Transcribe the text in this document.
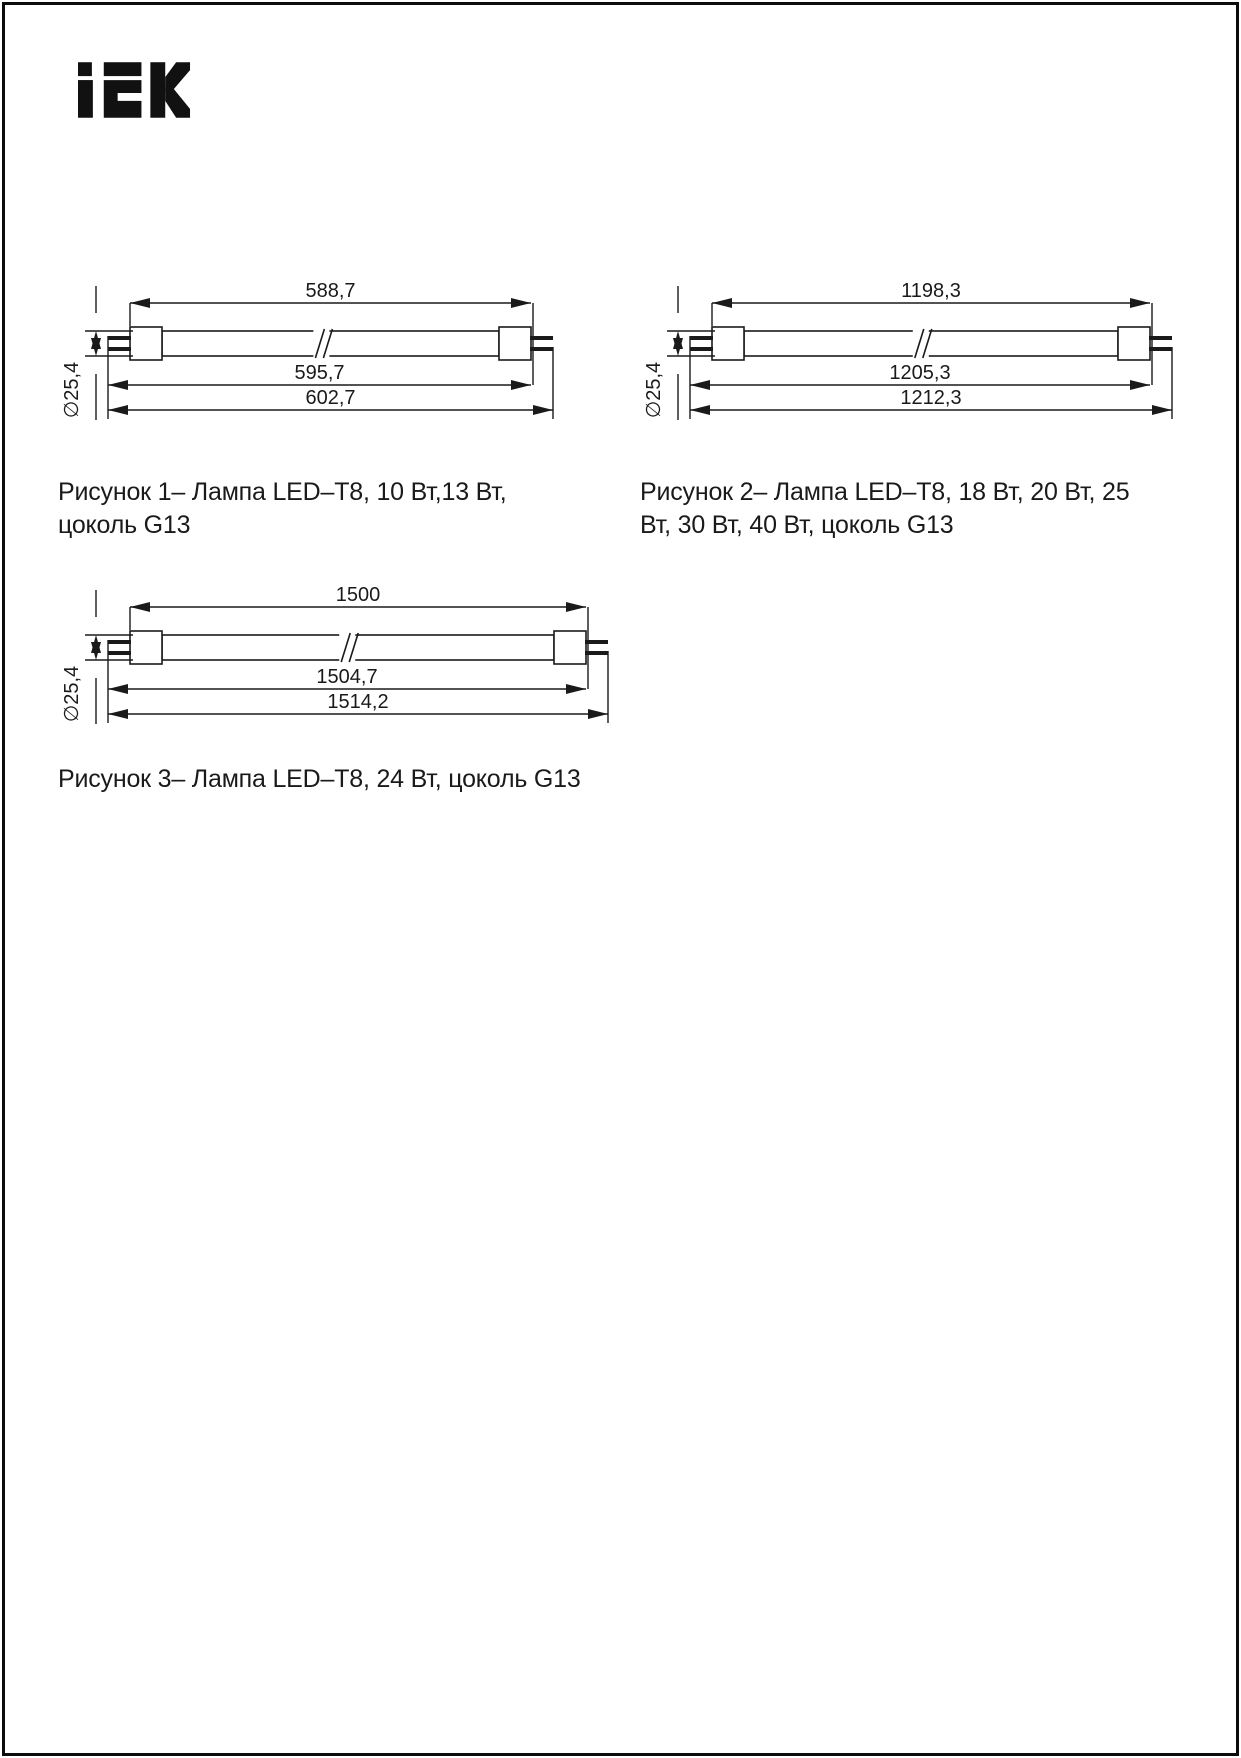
588,7
595,7
602,7
∅25,4
Рисунок 1– Лампа LED–T8, 10 Вт,13 Вт, цоколь G13
1198,3
1205,3
1212,3
∅25,4
Рисунок 2– Лампа LED–T8, 18 Вт, 20 Вт, 25 Вт, 30 Вт, 40 Вт, цоколь G13
1500
1504,7
1514,2
∅25,4
Рисунок 3– Лампа LED–T8, 24 Вт, цоколь G13
